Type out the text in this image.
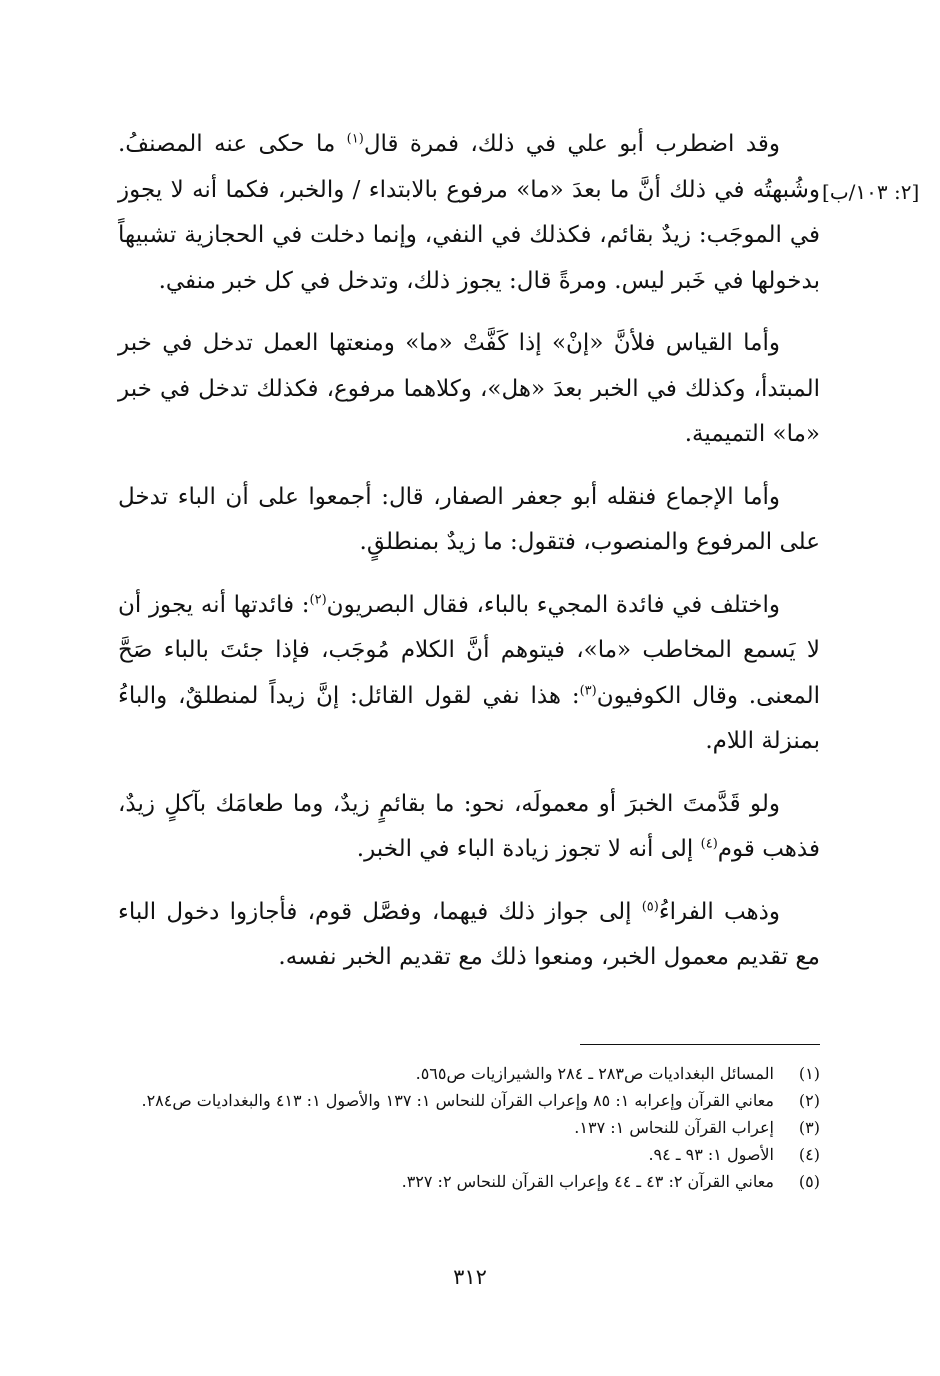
وقد اضطرب أبو علي في ذلك، فمرة قال$^{(١)}$ ما حكى عنه المصنفُ. وشُبهتُه في ذلك أنَّ ما بعدَ «ما» مرفوع بالابتداء / والخبر، فكما أنه لا يجوز في الموجَب: زيدٌ بقائم، فكذلك في النفي، وإنما دخلت في الحجازية تشبيهاً بدخولها في خَبر ليس. ومرةً قال: يجوز ذلك، وتدخل في كل خبر منفي.

وأما القياس فلأنَّ «إنْ» إذا كَفَّتْ «ما» ومنعتها العمل تدخل في خبر المبتدأ، وكذلك في الخبر بعدَ «هل»، وكلاهما مرفوع، فكذلك تدخل في خبر «ما» التميمية.

وأما الإجماع فنقله أبو جعفر الصفار، قال: أجمعوا على أن الباء تدخل على المرفوع والمنصوب، فتقول: ما زيدٌ بمنطلقٍ.

واختلف في فائدة المجيء بالباء، فقال البصريون$^{(٢)}$: فائدتها أنه يجوز أن لا يَسمع المخاطب «ما»، فيتوهم أنَّ الكلام مُوجَب، فإذا جئتَ بالباء صَحَّ المعنى. وقال الكوفيون$^{(٣)}$: هذا نفي لقول القائل: إنَّ زيداً لمنطلقٌ، والباءُ بمنزلة اللام.

ولو قَدَّمتَ الخبرَ أو معمولَه، نحو: ما بقائمٍ زيدٌ، وما طعامَك بآكلٍ زيدٌ، فذهب قوم$^{(٤)}$ إلى أنه لا تجوز زيادة الباء في الخبر.

وذهب الفراءُ$^{(٥)}$ إلى جواز ذلك فيهما، وفصَّل قوم، فأجازوا دخول الباء مع تقديم معمول الخبر، ومنعوا ذلك مع تقديم الخبر نفسه.

[٢: ١٠٣/ب]
(١)
المسائل البغداديات ص٢٨٣ ـ ٢٨٤ والشيرازيات ص٥٦٥.
(٢)
معاني القرآن وإعرابه ١: ٨٥ وإعراب القرآن للنحاس ١: ١٣٧ والأصول ١: ٤١٣ والبغداديات ص٢٨٤.
(٣)
إعراب القرآن للنحاس ١: ١٣٧.
(٤)
الأصول ١: ٩٣ ـ ٩٤.
(٥)
معاني القرآن ٢: ٤٣ ـ ٤٤ وإعراب القرآن للنحاس ٢: ٣٢٧.
٣١٢
